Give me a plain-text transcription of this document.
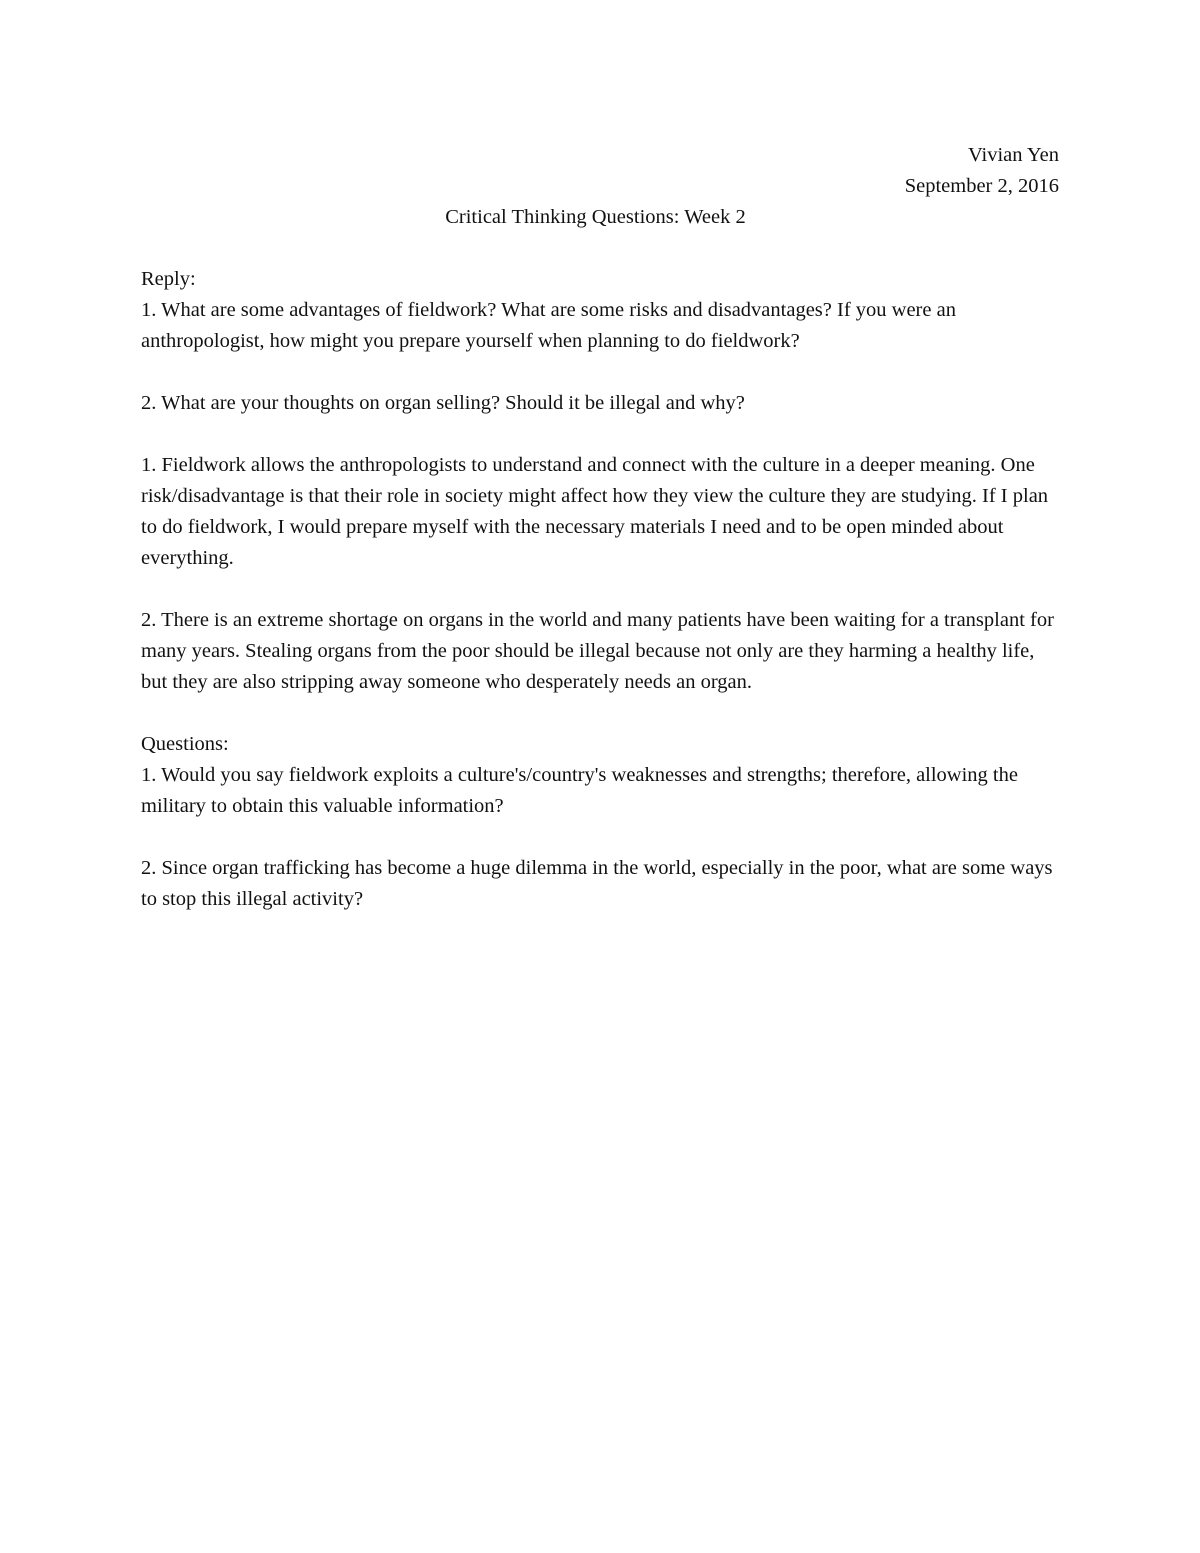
Vivian Yen
September 2, 2016
Critical Thinking Questions: Week 2
Reply:

1. What are some advantages of fieldwork? What are some risks and disadvantages? If you were an anthropologist, how might you prepare yourself when planning to do fieldwork?

2. What are your thoughts on organ selling? Should it be illegal and why?

1. Fieldwork allows the anthropologists to understand and connect with the culture in a deeper meaning. One risk/disadvantage is that their role in society might affect how they view the culture they are studying. If I plan to do fieldwork, I would prepare myself with the necessary materials I need and to be open minded about everything.

2. There is an extreme shortage on organs in the world and many patients have been waiting for a transplant for many years. Stealing organs from the poor should be illegal because not only are they harming a healthy life, but they are also stripping away someone who desperately needs an organ.

Questions:

1. Would you say fieldwork exploits a culture's/country's weaknesses and strengths; therefore, allowing the military to obtain this valuable information?

2. Since organ trafficking has become a huge dilemma in the world, especially in the poor, what are some ways to stop this illegal activity?
